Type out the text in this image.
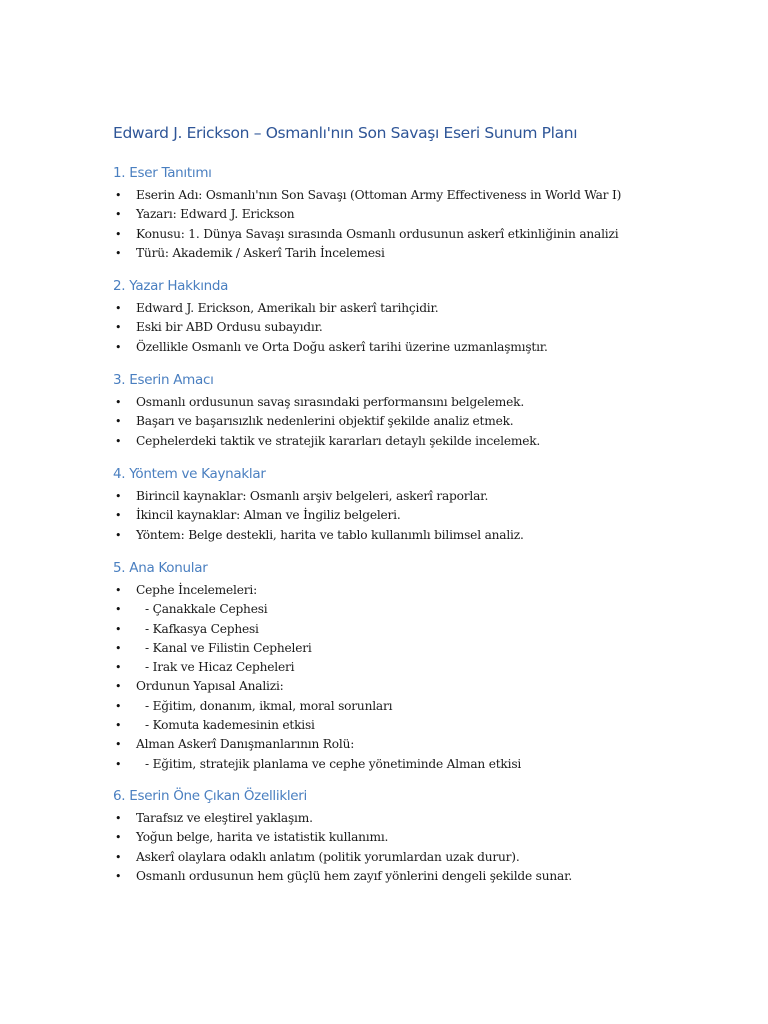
Edward J. Erickson – Osmanlı'nın Son Savaşı Eseri Sunum Planı
1. Eser Tanıtımı
• Eserin Adı: Osmanlı'nın Son Savaşı (Ottoman Army Effectiveness in World War I)
• Yazarı: Edward J. Erickson
• Konusu: 1. Dünya Savaşı sırasında Osmanlı ordusunun askerî etkinliğinin analizi
• Türü: Akademik / Askerî Tarih İncelemesi
2. Yazar Hakkında
• Edward J. Erickson, Amerikalı bir askerî tarihçidir.
• Eski bir ABD Ordusu subayıdır.
• Özellikle Osmanlı ve Orta Doğu askerî tarihi üzerine uzmanlaşmıştır.
3. Eserin Amacı
• Osmanlı ordusunun savaş sırasındaki performansını belgelemek.
• Başarı ve başarısızlık nedenlerini objektif şekilde analiz etmek.
• Cephelerdeki taktik ve stratejik kararları detaylı şekilde incelemek.
4. Yöntem ve Kaynaklar
• Birincil kaynaklar: Osmanlı arşiv belgeleri, askerî raporlar.
• İkincil kaynaklar: Alman ve İngiliz belgeleri.
• Yöntem: Belge destekli, harita ve tablo kullanımlı bilimsel analiz.
5. Ana Konular
• Cephe İncelemeleri:
• - Çanakkale Cephesi
• - Kafkasya Cephesi
• - Kanal ve Filistin Cepheleri
• - Irak ve Hicaz Cepheleri
• Ordunun Yapısal Analizi:
• - Eğitim, donanım, ikmal, moral sorunları
• - Komuta kademesinin etkisi
• Alman Askerî Danışmanlarının Rolü:
• - Eğitim, stratejik planlama ve cephe yönetiminde Alman etkisi
6. Eserin Öne Çıkan Özellikleri
• Tarafsız ve eleştirel yaklaşım.
• Yoğun belge, harita ve istatistik kullanımı.
• Askerî olaylara odaklı anlatım (politik yorumlardan uzak durur).
• Osmanlı ordusunun hem güçlü hem zayıf yönlerini dengeli şekilde sunar.
